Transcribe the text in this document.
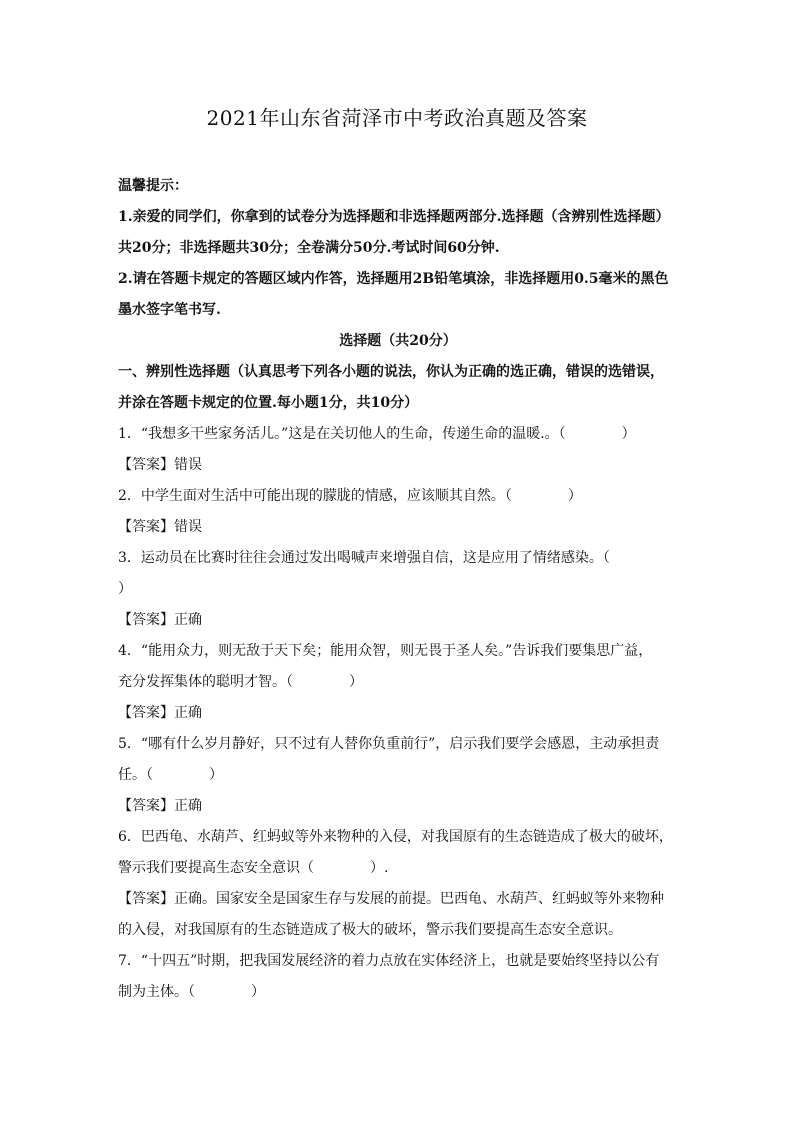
2021年山东省菏泽市中考政治真题及答案
温馨提示：
1.亲爱的同学们，你拿到的试卷分为选择题和非选择题两部分.选择题（含辨别性选择题）
共20分；非选择题共30分；全卷满分50分.考试时间60分钟.
2.请在答题卡规定的答题区域内作答，选择题用2B铅笔填涂，非选择题用0.5毫米的黑色
墨水签字笔书写.
选择题（共20分）
一、辨别性选择题（认真思考下列各小题的说法，你认为正确的选正确，错误的选错误，
并涂在答题卡规定的位置.每小题1分，共10分）
1．“我想多干些家务活儿。”这是在关切他人的生命，传递生命的温暖.。（　　　　）
【答案】错误
2．中学生面对生活中可能出现的朦胧的情感，应该顺其自然。（　　　　）
【答案】错误
3．运动员在比赛时往往会通过发出喝喊声来增强自信，这是应用了情绪感染。（
）
【答案】正确
4．“能用众力，则无敌于天下矣；能用众智，则无畏于圣人矣。”告诉我们要集思广益，
充分发挥集体的聪明才智。（　　　　）
【答案】正确
5．“哪有什么岁月静好，只不过有人替你负重前行”，启示我们要学会感恩，主动承担责
任。（　　　　）
【答案】正确
6．巴西龟、水葫芦、红蚂蚁等外来物种的入侵，对我国原有的生态链造成了极大的破坏，
警示我们要提高生态安全意识（　　　　）.
【答案】正确。国家安全是国家生存与发展的前提。巴西龟、水葫芦、红蚂蚁等外来物种
的入侵，对我国原有的生态链造成了极大的破坏，警示我们要提高生态安全意识。
7．“十四五”时期，把我国发展经济的着力点放在实体经济上，也就是要始终坚持以公有
制为主体。（　　　　）
